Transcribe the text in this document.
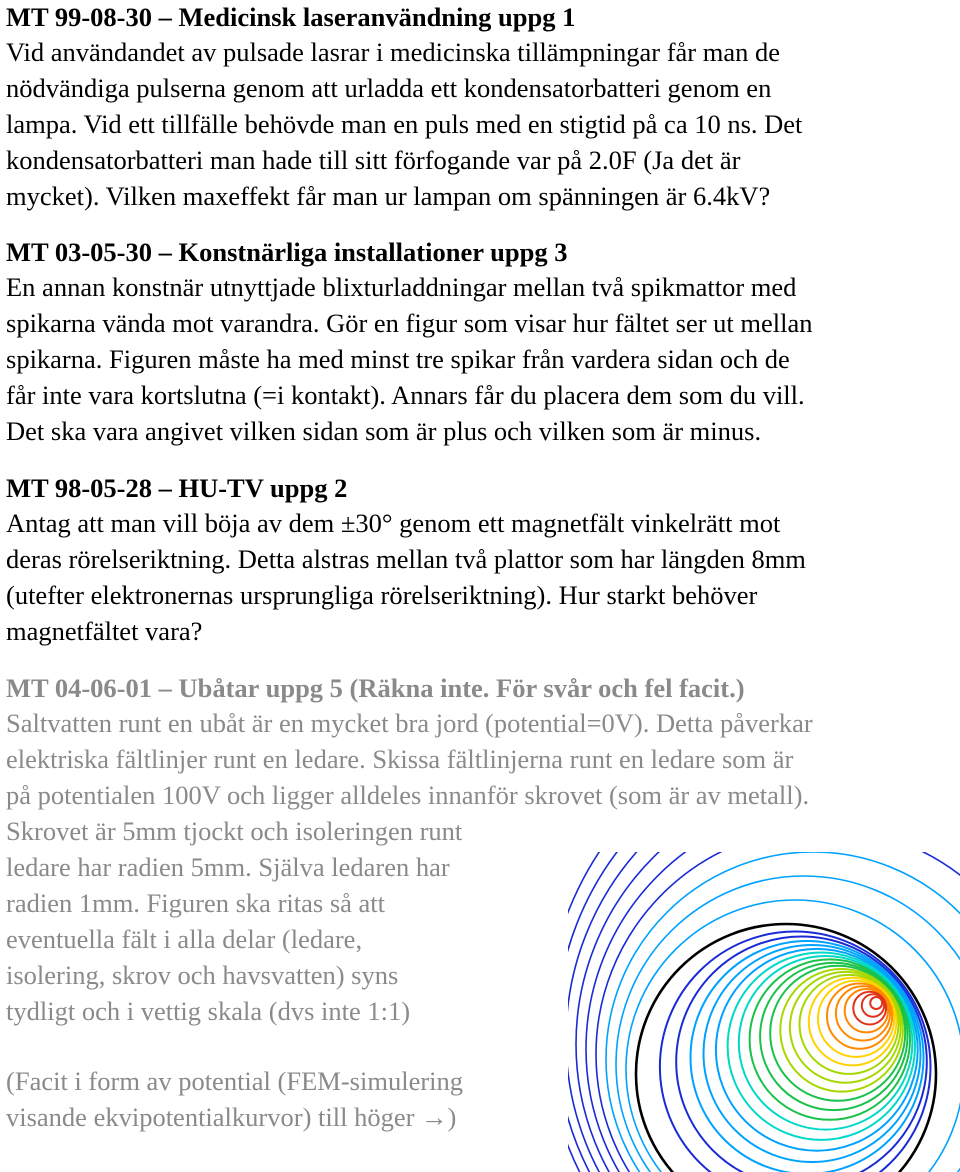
MT 99-08-30 – Medicinsk laseranvändning uppg 1
Vid användandet av pulsade lasrar i medicinska tillämpningar får man de
nödvändiga pulserna genom att urladda ett kondensatorbatteri genom en
lampa. Vid ett tillfälle behövde man en puls med en stigtid på ca 10 ns. Det
kondensatorbatteri man hade till sitt förfogande var på 2.0F (Ja det är
mycket). Vilken maxeffekt får man ur lampan om spänningen är 6.4kV?
MT 03-05-30 – Konstnärliga installationer uppg 3
En annan konstnär utnyttjade blixturladdningar mellan två spikmattor med
spikarna vända mot varandra. Gör en figur som visar hur fältet ser ut mellan
spikarna. Figuren måste ha med minst tre spikar från vardera sidan och de
får inte vara kortslutna (=i kontakt). Annars får du placera dem som du vill.
Det ska vara angivet vilken sidan som är plus och vilken som är minus.
MT 98-05-28 – HU-TV uppg 2
Antag att man vill böja av dem ±30° genom ett magnetfält vinkelrätt mot
deras rörelseriktning. Detta alstras mellan två plattor som har längden 8mm
(utefter elektronernas ursprungliga rörelseriktning). Hur starkt behöver
magnetfältet vara?
MT 04-06-01 – Ubåtar uppg 5 (Räkna inte. För svår och fel facit.)
Saltvatten runt en ubåt är en mycket bra jord (potential=0V). Detta påverkar
elektriska fältlinjer runt en ledare. Skissa fältlinjerna runt en ledare som är
på potentialen 100V och ligger alldeles innanför skrovet (som är av metall).
Skrovet är 5mm tjockt och isoleringen runt
ledare har radien 5mm. Själva ledaren har
radien 1mm. Figuren ska ritas så att
eventuella fält i alla delar (ledare,
isolering, skrov och havsvatten) syns
tydligt och i vettig skala (dvs inte 1:1)
(Facit i form av potential (FEM-simulering
visande ekvipotentialkurvor) till höger →)
